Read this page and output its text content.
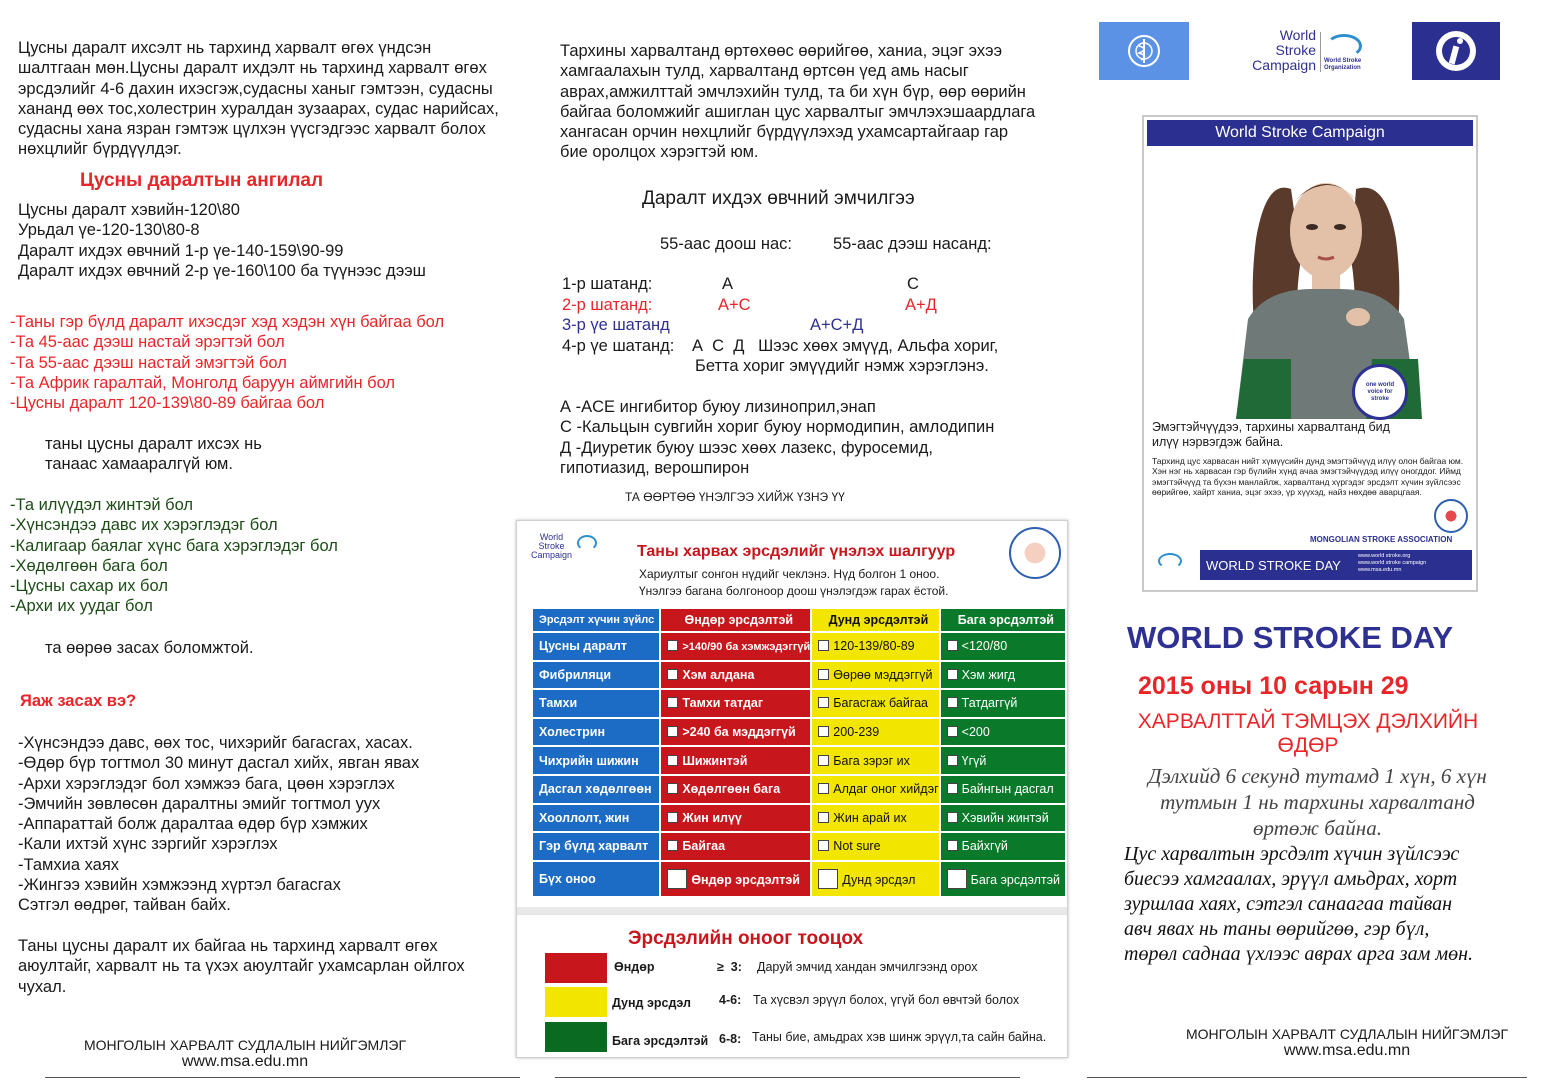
Цусны даралт ихсэлт нь тархинд харвалт өгөх үндсэн шалтгаан мөн.Цусны даралт ихдэлт нь тархинд харвалт өгөх эрсдэлийг 4-6 дахин ихэсгэж,судасны ханыг гэмтээн, судасны хананд өөх тос,холестрин хуралдан зузаарах, судас нарийсах, судасны хана язран гэмтэж цүлхэн үүсгэдгээс харвалт болох нөхцлийг бүрдүүлдэг.

Цусны даралтын ангилал

Цусны даралт хэвийн-120\80

Урьдал үе-120-130\80-8

Даралт ихдэх өвчний 1-р үе-140-159\90-99

Даралт ихдэх өвчний 2-р үе-160\100 ба түүнээс дээш

-Таны гэр бүлд даралт ихэсдэг хэд хэдэн хүн байгаа бол

-Та 45-аас дээш настай эрэгтэй бол

-Та 55-аас дээш настай эмэгтэй бол

-Та Африк гаралтай, Монголд баруун аймгийн бол

-Цусны даралт 120-139\80-89 байгаа бол

таны цусны даралт ихсэх нь

танаас хамааралгүй юм.

-Та илүүдэл жинтэй бол

-Хүнсэндээ давс их хэрэглэдэг бол

-Калигаар баялаг хүнс бага хэрэглэдэг бол

-Хөдөлгөөн бага бол

-Цусны сахар их бол

-Архи их уудаг бол

та өөрөө засах боломжтой.
Яаж засах вэ?

-Хүнсэндээ давс, өөх тос, чихэрийг багасгах, хасах.

-Өдөр бүр тогтмол 30 минут дасгал хийх, явган явах

-Архи хэрэглэдэг бол хэмжээ бага, цөөн хэрэглэх

-Эмчийн зөвлөсөн даралтны эмийг тогтмол уух

-Аппараттай болж даралтаа өдөр бүр хэмжих

-Кали ихтэй хүнс зэргийг хэрэглэх

-Тамхиа хаях

-Жингээ хэвийн хэмжээнд хүртэл багасгах

Сэтгэл өөдрөг, тайван байх.

Таны цусны даралт их байгаа нь тархинд харвалт өгөх аюултайг, харвалт нь та үхэх аюултайг ухамсарлан ойлгох чухал.

МОНГОЛЫН ХАРВАЛТ СУДЛАЛЫН НИЙГЭМЛЭГ
www.msa.edu.mn

Тархины харвалтанд өртөхөөс өөрийгөө, ханиа, эцэг эхээ хамгаалахын тулд, харвалтанд өртсөн үед амь насыг аврах,амжилттай эмчлэхийн тулд, та би хүн бүр, өөр өөрийн байгаа боломжийг ашиглан цус харвалтыг эмчлэхэшаардлага хангасан орчин нөхцлийг бүрдүүлэхэд ухамсартайгаар гар бие оролцох хэрэгтэй юм.

Даралт ихдэх өвчний эмчилгээ
55-аас доош нас: 55-аас дээш насанд:
1-р шатанд:	А	С
2-р шатанд:	А+С	А+Д
3-р үе шатанд	А+С+Д
4-р үе шатанд: А  С  Д   Шээс хөөх эмүүд, Альфа хориг,
Бетта хориг эмүүдийг нэмж хэрэглэнэ.

А -ACE ингибитор буюу лизиноприл,энап

С -Кальцын сувгийн хориг буюу нормодипин, амлодипин

Д -Диуретик буюу шээс хөөх лазекс, фуросемид, гипотиазид, верошпирон

ТА ӨӨРТӨӨ ҮНЭЛГЭЭ ХИЙЖ ҮЗНЭ ҮҮ
World
Stroke
Campaign	Таны харвах эрсдэлийг үнэлэх шалгуур
Хариултыг сонгон нүдийг чеклэнэ. Нүд болгон 1 оноо.
Үнэлгээ багана болгоноор доош үнэлэгдэж гарах ёстой.
Эрсдэлт хүчин зүйлс	Өндөр эрсдэлтэй	Дунд эрсдэлтэй	Бага эрсдэлтэй
Цусны даралт	>140/90 ба хэмжэдэггүй	120-139/80-89	<120/80
Фибриляци	Хэм алдана	Өөрөө мэддэггүй	Хэм жигд
Тамхи	Тамхи татдаг	Багасгаж байгаа	Татдаггүй
Холестрин	>240 ба мэддэггүй	200-239	<200
Чихрийн шижин	Шижинтэй	Бага зэрэг их	Үгүй
Дасгал хөдөлгөөн	Хөдөлгөөн бага	Алдаг оног хийдэг	Байнгын дасгал
Хооллолт, жин	Жин илүү	Жин арай их	Хэвийн жинтэй
Гэр бүлд харвалт	Байгаа	Not sure	Байхгүй
Бүх оноо	Өндөр эрсдэлтэй	Дунд эрсдэл	Бага эрсдэлтэй
Эрсдэлийн оноог тооцох
Өндөр	≥  3: Даруй эмчид хандан эмчилгээнд орох
Дунд эрсдэл 4-6: Та хүсвэл эрүүл болох, үгүй бол өвчтэй болох
Бага эрсдэлтэй 6-8: Таны бие, амьдрах хэв шинж эрүүл,та сайн байна.
World
Stroke
Campaign World Stroke Organization
World Stroke Campaign
one world voice for stroke
Эмэгтэйчүүдээ, тархины харвалтанд бид илүү нэрвэгдэж байна.
Тархинд цус харвасан нийт хүмүүсийн дунд эмэгтэйчүүд илүү олон байгаа юм. Хэн нэг нь харвасан гэр бүлийн хүнд ачаа эмэгтэйчүүдэд илүү оногддог. Иймд эмэгтэйчүүд та бүхэн манлайлж, харвалтанд хүргэдэг эрсдэлт хүчин зүйлсээс өөрийгөө, хайрт ханиа, эцэг эхээ, үр хүүхэд, найз нөхдөө аварцгаая.
MONGOLIAN STROKE ASSOCIATION
WORLD STROKE DAY
www.world stroke.org
www.world stroke campaign
www.msa.edu.mn
WORLD STROKE DAY
2015 оны 10 сарын 29
ХАРВАЛТТАЙ ТЭМЦЭХ ДЭЛХИЙН ӨДӨР
Дэлхийд 6 секунд тутамд 1 хүн, 6 хүн тутмын 1 нь тархины харвалтанд өртөж байна.
Цус харвалтын эрсдэлт хүчин зүйлсээс биесээ хамгаалах, эрүүл амьдрах, хорт зуршлаа хаях, сэтгэл санаагаа тайван авч явах нь таны өөрийгөө, гэр бүл, төрөл саднаа үхлээс аврах арга зам мөн.
МОНГОЛЫН ХАРВАЛТ СУДЛАЛЫН НИЙГЭМЛЭГ
www.msa.edu.mn
